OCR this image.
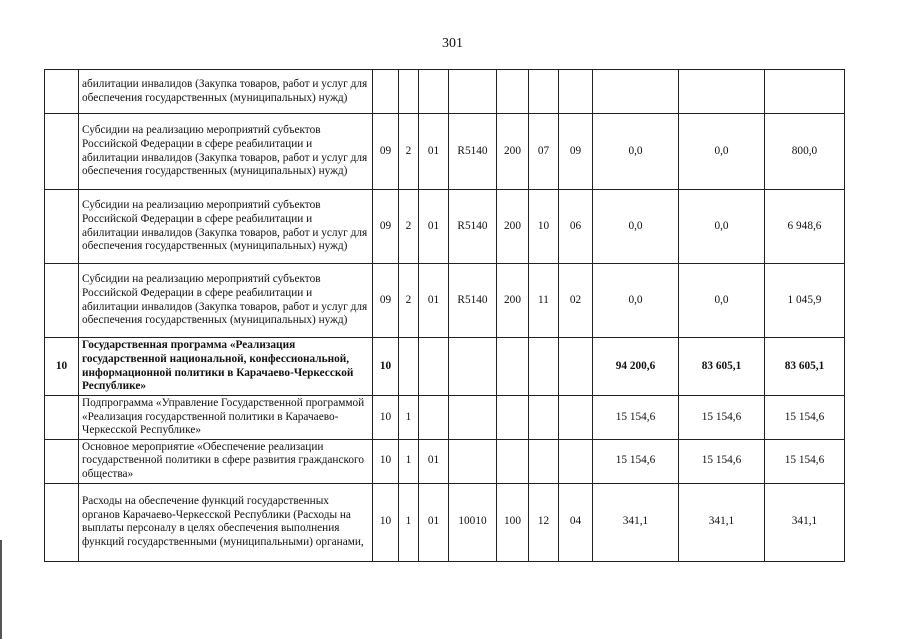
301
	абилитации инвалидов (Закупка товаров, работ и услуг для обеспечения государственных (муниципальных) нужд)										
	Субсидии на реализацию мероприятий субъектов Российской Федерации в сфере реабилитации и абилитации инвалидов (Закупка товаров, работ и услуг для обеспечения государственных (муниципальных) нужд)	09	2	01	R5140	200	07	09	0,0	0,0	800,0
	Субсидии на реализацию мероприятий субъектов Российской Федерации в сфере реабилитации и абилитации инвалидов (Закупка товаров, работ и услуг для обеспечения государственных (муниципальных) нужд)	09	2	01	R5140	200	10	06	0,0	0,0	6 948,6
	Субсидии на реализацию мероприятий субъектов Российской Федерации в сфере реабилитации и абилитации инвалидов (Закупка товаров, работ и услуг для обеспечения государственных (муниципальных) нужд)	09	2	01	R5140	200	11	02	0,0	0,0	1 045,9
10	Государственная программа «Реализация государственной национальной, конфессиональной, информационной политики в Карачаево-Черкесской Республике»	10							94 200,6	83 605,1	83 605,1
	Подпрограмма «Управление Государственной программой «Реализация государственной политики в Карачаево-Черкесской Республике»	10	1						15 154,6	15 154,6	15 154,6
	Основное мероприятие «Обеспечение реализации государственной политики в сфере развития гражданского общества»	10	1	01					15 154,6	15 154,6	15 154,6
	Расходы на обеспечение функций государственных органов Карачаево-Черкесской Республики (Расходы на выплаты персоналу в целях обеспечения выполнения функций государственными (муниципальными) органами,	10	1	01	10010	100	12	04	341,1	341,1	341,1
